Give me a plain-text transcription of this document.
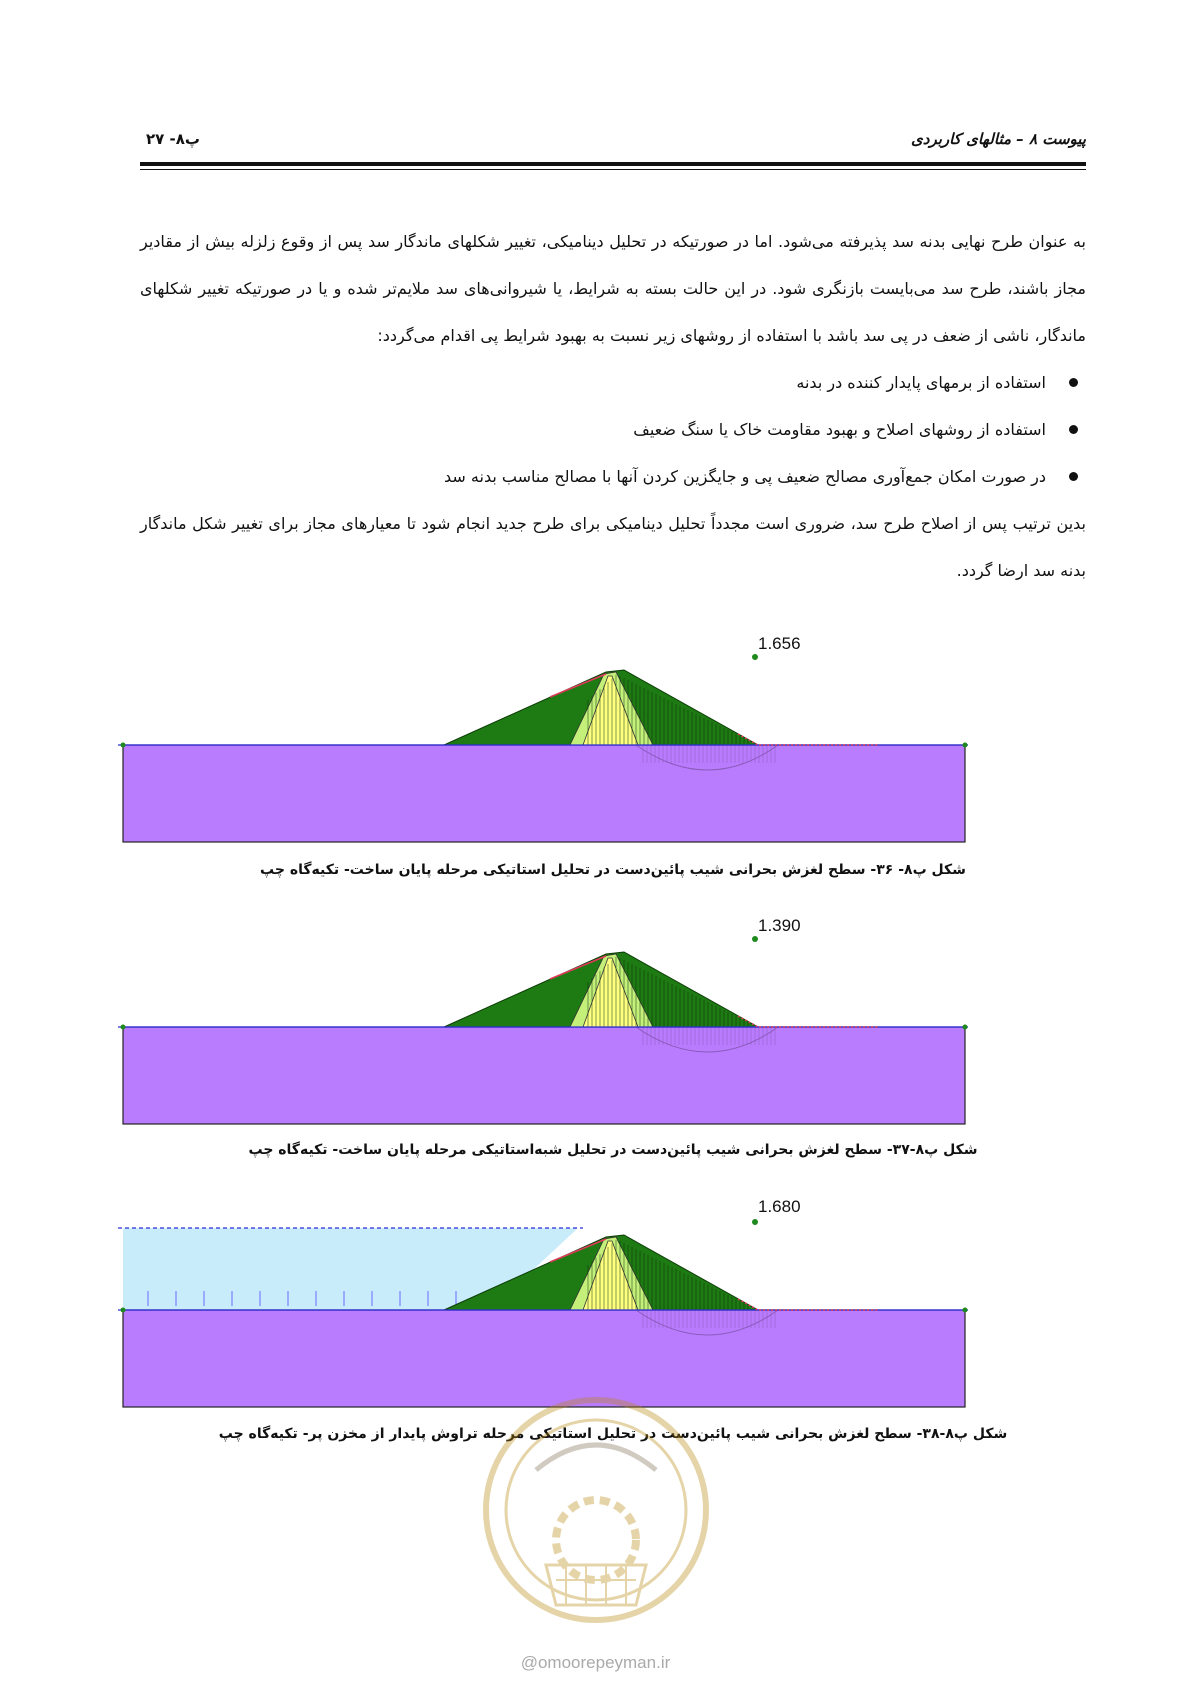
پیوست ۸ – مثالهای کاربردی
پ۸- ۲۷

به عنوان طرح نهایی بدنه سد پذیرفته می‌شود. اما در صورتیکه در تحلیل دینامیکی، تغییر شکلهای ماندگار سد پس از وقوع زلزله بیش از مقادیر مجاز باشند، طرح سد می‌بایست بازنگری شود. در این حالت بسته به شرایط، یا شیروانی‌های سد ملایم‌تر شده و یا در صورتیکه تغییر شکلهای ماندگار، ناشی از ضعف در پی سد باشد با استفاده از روشهای زیر نسبت به بهبود شرایط پی اقدام می‌گردد:

استفاده از برمهای پایدار کننده در بدنه
استفاده از روشهای اصلاح و بهبود مقاومت خاک یا سنگ ضعیف
در صورت امکان جمع‌آوری مصالح ضعیف پی و جایگزین کردن آنها با مصالح مناسب بدنه سد

بدین ترتیب پس از اصلاح طرح سد، ضروری است مجدداً تحلیل دینامیکی برای طرح جدید انجام شود تا معیارهای مجاز برای تغییر شکل ماندگار بدنه سد ارضا گردد.

1.656
شکل پ۸- ۳۶- سطح لغزش بحرانی شیب پائین‌دست در تحلیل استاتیکی مرحله پایان ساخت- تکیه‌گاه چپ
1.390
شکل پ۸-۳۷- سطح لغزش بحرانی شیب پائین‌دست در تحلیل شبه‌استاتیکی مرحله پایان ساخت- تکیه‌گاه چپ
1.680
شکل پ۸-۳۸- سطح لغزش بحرانی شیب پائین‌دست در تحلیل استاتیکی مرحله تراوش پایدار از مخزن پر- تکیه‌گاه چپ
@omoorepeyman.ir
